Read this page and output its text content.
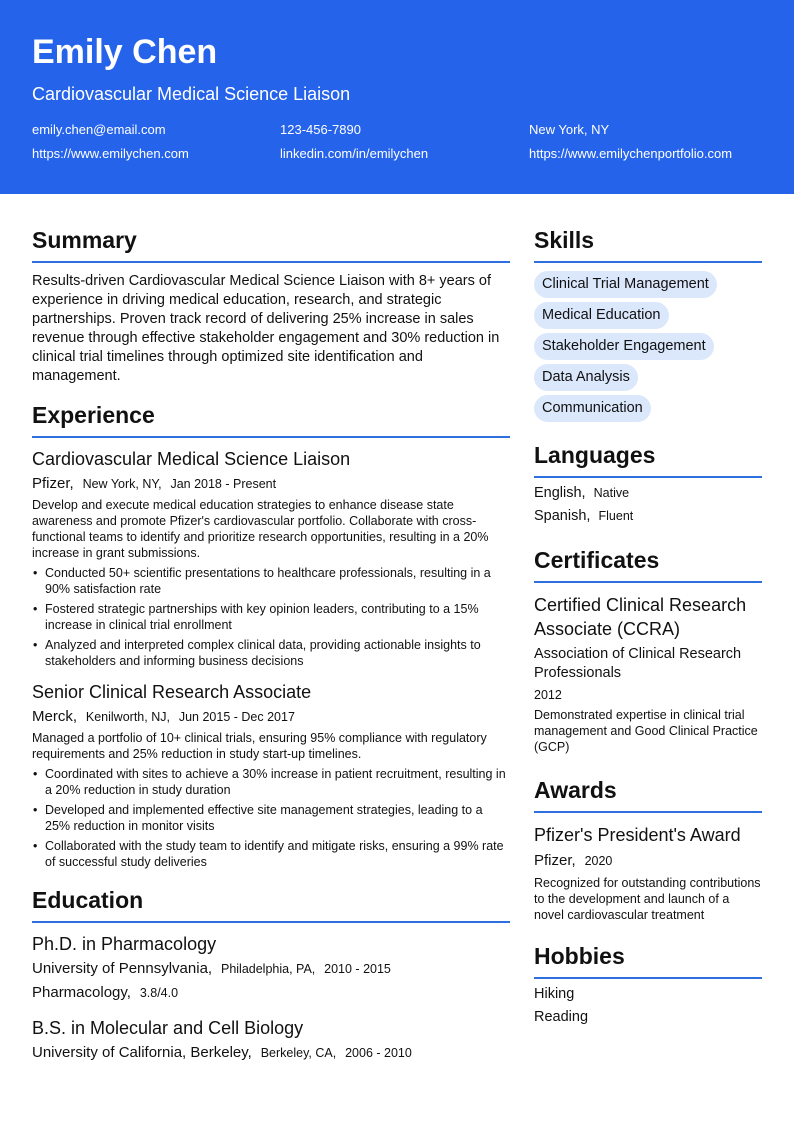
Emily Chen
Cardiovascular Medical Science Liaison
emily.chen@email.com	123-456-7890	New York, NY
https://www.emilychen.com	linkedin.com/in/emilychen	https://www.emilychenportfolio.com
Summary
Results-driven Cardiovascular Medical Science Liaison with 8+ years of experience in driving medical education, research, and strategic partnerships. Proven track record of delivering 25% increase in sales revenue through effective stakeholder engagement and 30% reduction in clinical trial timelines through optimized site identification and management.
Experience
Cardiovascular Medical Science Liaison
Pfizer, New York, NY, Jan 2018 - Present
Develop and execute medical education strategies to enhance disease state awareness and promote Pfizer's cardiovascular portfolio. Collaborate with cross-functional teams to identify and prioritize research opportunities, resulting in a 20% increase in grant submissions.
• Conducted 50+ scientific presentations to healthcare professionals, resulting in a 90% satisfaction rate
• Fostered strategic partnerships with key opinion leaders, contributing to a 15% increase in clinical trial enrollment
• Analyzed and interpreted complex clinical data, providing actionable insights to stakeholders and informing business decisions
Senior Clinical Research Associate
Merck, Kenilworth, NJ, Jun 2015 - Dec 2017
Managed a portfolio of 10+ clinical trials, ensuring 95% compliance with regulatory requirements and 25% reduction in study start-up timelines.
• Coordinated with sites to achieve a 30% increase in patient recruitment, resulting in a 20% reduction in study duration
• Developed and implemented effective site management strategies, leading to a 25% reduction in monitor visits
• Collaborated with the study team to identify and mitigate risks, ensuring a 99% rate of successful study deliveries
Education
Ph.D. in Pharmacology
University of Pennsylvania, Philadelphia, PA, 2010 - 2015
Pharmacology, 3.8/4.0
B.S. in Molecular and Cell Biology
University of California, Berkeley, Berkeley, CA, 2006 - 2010
Skills
Clinical Trial Management
Medical Education
Stakeholder Engagement
Data Analysis
Communication
Languages
English, Native
Spanish, Fluent
Certificates
Certified Clinical Research Associate (CCRA)
Association of Clinical Research Professionals
2012
Demonstrated expertise in clinical trial management and Good Clinical Practice (GCP)
Awards
Pfizer's President's Award
Pfizer, 2020
Recognized for outstanding contributions to the development and launch of a novel cardiovascular treatment
Hobbies
Hiking
Reading
